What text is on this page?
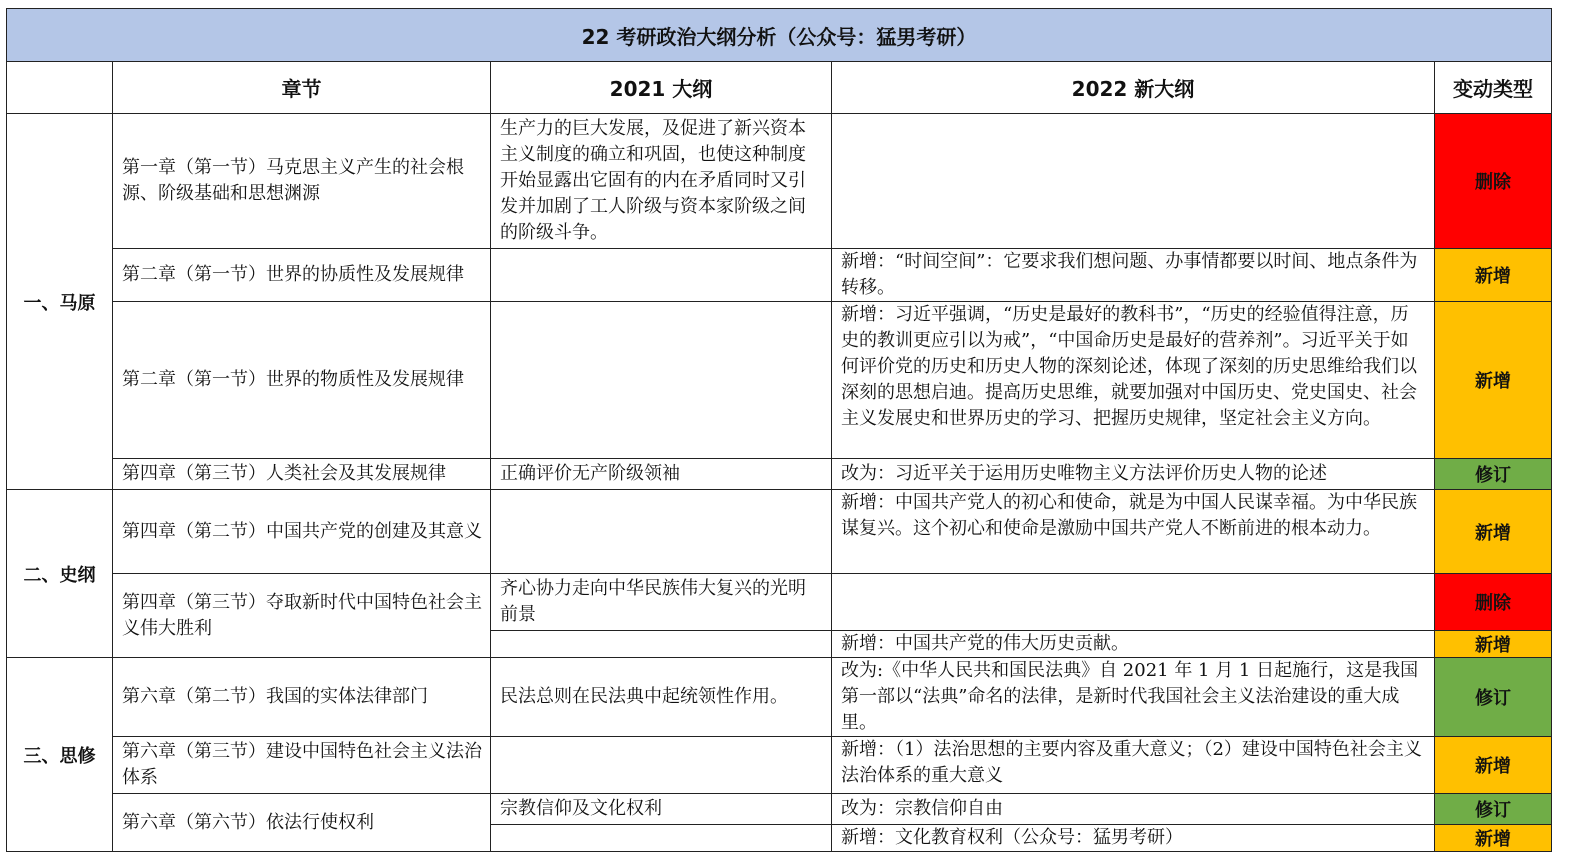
22 考研政治大纲分析（公众号：猛男考研）				
	章节	2021 大纲	2022 新大纲	变动类型
一、马原	第一章（第一节）马克思主义产生的社会根源、阶级基础和思想渊源	生产力的巨大发展，及促进了新兴资本主义制度的确立和巩固，也使这种制度开始显露出它固有的内在矛盾同时又引发并加剧了工人阶级与资本家阶级之间的阶级斗争。		删除
	第二章（第一节）世界的协质性及发展规律		新增：“时间空间”：它要求我们想问题、办事情都要以时间、地点条件为转移。	新增
	第二章（第一节）世界的物质性及发展规律		新增：习近平强调，“历史是最好的教科书”，“历史的经验值得注意，历史的教训更应引以为戒”，“中国命历史是最好的营养剂”。习近平关于如何评价党的历史和历史人物的深刻论述，体现了深刻的历史思维给我们以深刻的思想启迪。提高历史思维，就要加强对中国历史、党史国史、社会主义发展史和世界历史的学习、把握历史规律，坚定社会主义方向。	新增
	第四章（第三节）人类社会及其发展规律	正确评价无产阶级领袖	改为：习近平关于运用历史唯物主义方法评价历史人物的论述	修订
二、史纲	第四章（第二节）中国共产党的创建及其意义		新增：中国共产党人的初心和使命，就是为中国人民谋幸福。为中华民族谋复兴。这个初心和使命是激励中国共产党人不断前进的根本动力。	新增
	第四章（第三节）夺取新时代中国特色社会主义伟大胜利	齐心协力走向中华民族伟大复兴的光明前景		删除
			新增：中国共产党的伟大历史贡献。	新增
三、思修	第六章（第二节）我国的实体法律部门	民法总则在民法典中起统领性作用。	改为:《中华人民共和国民法典》自 2021 年 1 月 1 日起施行，这是我国第一部以“法典”命名的法律，是新时代我国社会主义法治建设的重大成里。	修订
	第六章（第三节）建设中国特色社会主义法治体系		新增：（1）法治思想的主要内容及重大意义；（2）建设中国特色社会主义法治体系的重大意义	新增
	第六章（第六节）依法行使权利	宗教信仰及文化权利	改为：宗教信仰自由	修订
			新增：文化教育权利（公众号：猛男考研）	新增
